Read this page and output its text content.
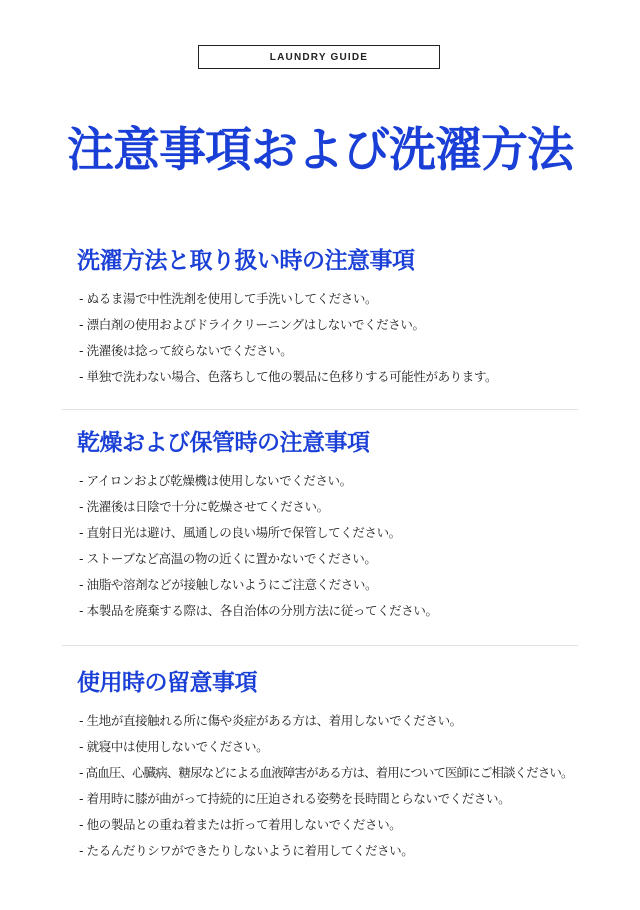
LAUNDRY GUIDE
注意事項および洗濯方法
洗濯方法と取り扱い時の注意事項
- ぬるま湯で中性洗剤を使用して手洗いしてください。
- 漂白剤の使用およびドライクリーニングはしないでください。
- 洗濯後は捻って絞らないでください。
- 単独で洗わない場合、色落ちして他の製品に色移りする可能性があります。
乾燥および保管時の注意事項
- アイロンおよび乾燥機は使用しないでください。
- 洗濯後は日陰で十分に乾燥させてください。
- 直射日光は避け、風通しの良い場所で保管してください。
- ストーブなど高温の物の近くに置かないでください。
- 油脂や溶剤などが接触しないようにご注意ください。
- 本製品を廃棄する際は、各自治体の分別方法に従ってください。
使用時の留意事項
- 生地が直接触れる所に傷や炎症がある方は、着用しないでください。
- 就寝中は使用しないでください。
- 高血圧、心臓病、糖尿などによる血液障害がある方は、着用について医師にご相談ください。
- 着用時に膝が曲がって持続的に圧迫される姿勢を長時間とらないでください。
- 他の製品との重ね着または折って着用しないでください。
- たるんだりシワができたりしないように着用してください。
